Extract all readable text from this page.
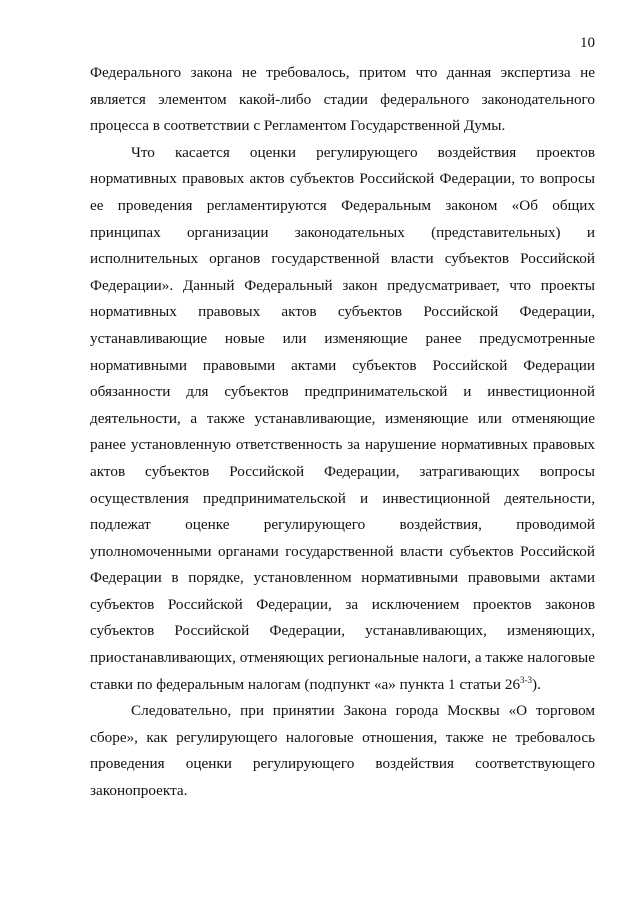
10

Федерального закона не требовалось, притом что данная экспертиза не является элементом какой-либо стадии федерального законодательного процесса в соответствии с Регламентом Государственной Думы.

Что касается оценки регулирующего воздействия проектов нормативных правовых актов субъектов Российской Федерации, то вопросы ее проведения регламентируются Федеральным законом «Об общих принципах организации законодательных (представительных) и исполнительных органов государственной власти субъектов Российской Федерации». Данный Федеральный закон предусматривает, что проекты нормативных правовых актов субъектов Российской Федерации, устанавливающие новые или изменяющие ранее предусмотренные нормативными правовыми актами субъектов Российской Федерации обязанности для субъектов предпринимательской и инвестиционной деятельности, а также устанавливающие, изменяющие или отменяющие ранее установленную ответственность за нарушение нормативных правовых актов субъектов Российской Федерации, затрагивающих вопросы осуществления предпринимательской и инвестиционной деятельности, подлежат оценке регулирующего воздействия, проводимой уполномоченными органами государственной власти субъектов Российской Федерации в порядке, установленном нормативными правовыми актами субъектов Российской Федерации, за исключением проектов законов субъектов Российской Федерации, устанавливающих, изменяющих, приостанавливающих, отменяющих региональные налоги, а также налоговые ставки по федеральным налогам (подпункт «а» пункта 1 статьи 26$^{3-3}$).

Следовательно, при принятии Закона города Москвы «О торговом сборе», как регулирующего налоговые отношения, также не требовалось проведения оценки регулирующего воздействия соответствующего законопроекта.
